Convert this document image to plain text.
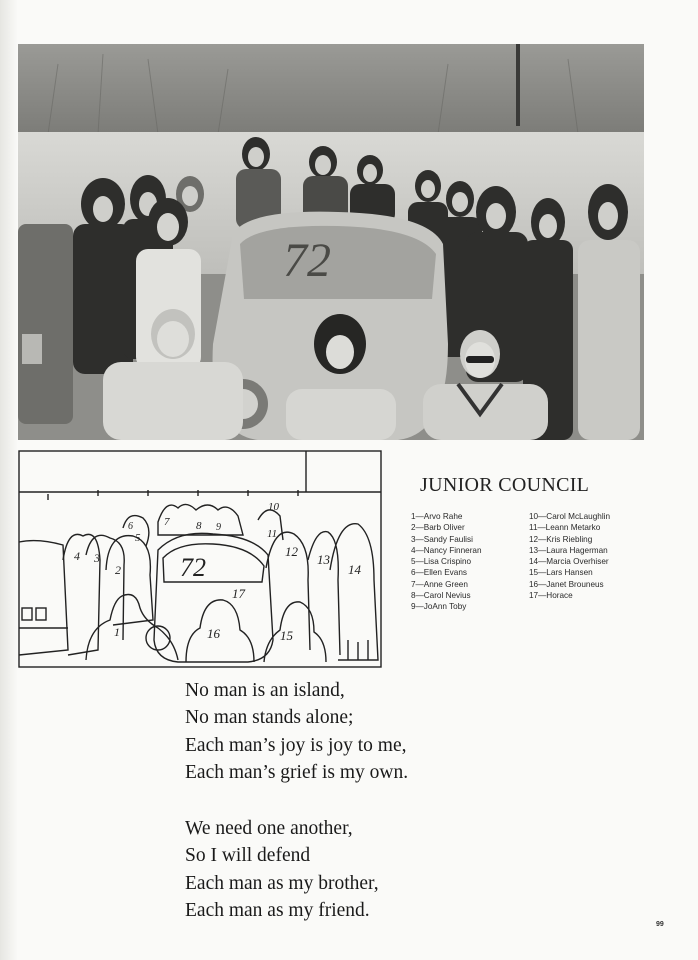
72
72
1
2
3
4
5
6	7 8 9
10
11
12
13
14
15
16
17
JUNIOR COUNCIL
1—Arvo Rahe
2—Barb Oliver
3—Sandy Faulisi
4—Nancy Finneran
5—Lisa Crispino
6—Ellen Evans
7—Anne Green
8—Carol Nevius
9—JoAnn Toby
10—Carol McLaughlin
11—Leann Metarko
12—Kris Riebling
13—Laura Hagerman
14—Marcia Overhiser
15—Lars Hansen
16—Janet Brouneus
17—Horace
No man is an island,
No man stands alone;
Each man’s joy is joy to me,
Each man’s grief is my own.
We need one another,
So I will defend
Each man as my brother,
Each man as my friend.
99
